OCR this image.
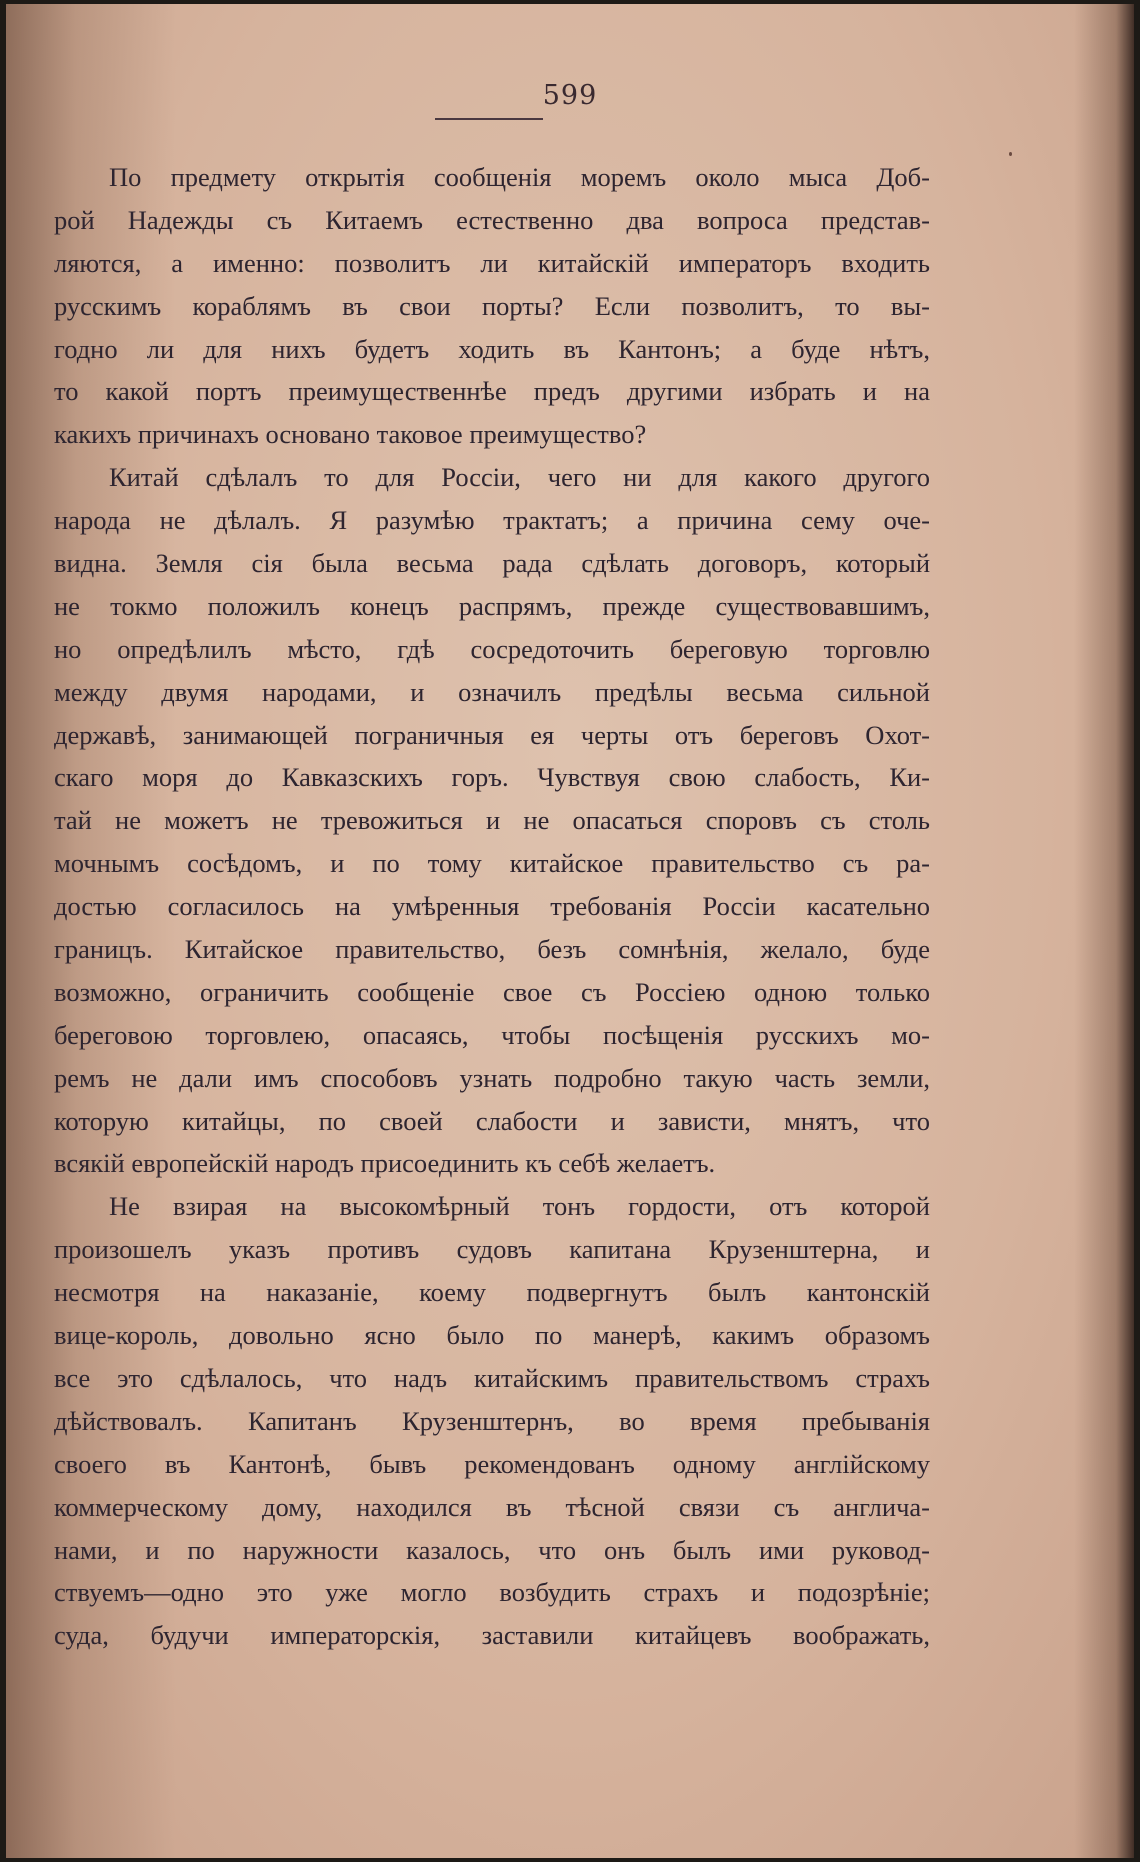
599
По предмету открытія сообщенія моремъ около мыса Доб-
рой Надежды съ Китаемъ естественно два вопроса представ-
ляются, а именно: позволитъ ли китайскій императоръ входить
русскимъ кораблямъ въ свои порты? Если позволитъ, то вы-
годно ли для нихъ будетъ ходить въ Кантонъ; а буде нѣтъ,
то какой портъ преимущественнѣе предъ другими избрать и на
какихъ причинахъ основано таковое преимущество?
Китай сдѣлалъ то для Россіи, чего ни для какого другого
народа не дѣлалъ. Я разумѣю трактатъ; а причина сему оче-
видна. Земля сія была весьма рада сдѣлать договоръ, который
не токмо положилъ конецъ распрямъ, прежде существовавшимъ,
но опредѣлилъ мѣсто, гдѣ сосредоточить береговую торговлю
между двумя народами, и означилъ предѣлы весьма сильной
державѣ, занимающей пограничныя ея черты отъ береговъ Охот-
скаго моря до Кавказскихъ горъ. Чувствуя свою слабость, Ки-
тай не можетъ не тревожиться и не опасаться споровъ съ столь
мочнымъ сосѣдомъ, и по тому китайское правительство съ ра-
достью согласилось на умѣренныя требованія Россіи касательно
границъ. Китайское правительство, безъ сомнѣнія, желало, буде
возможно, ограничить сообщеніе свое съ Россіею одною только
береговою торговлею, опасаясь, чтобы посѣщенія русскихъ мо-
ремъ не дали имъ способовъ узнать подробно такую часть земли,
которую китайцы, по своей слабости и зависти, мнятъ, что
всякій европейскій народъ присоединить къ себѣ желаетъ.
Не взирая на высокомѣрный тонъ гордости, отъ которой
произошелъ указъ противъ судовъ капитана Крузенштерна, и
несмотря на наказаніе, коему подвергнутъ былъ кантонскій
вице-король, довольно ясно было по манерѣ, какимъ образомъ
все это сдѣлалось, что надъ китайскимъ правительствомъ страхъ
дѣйствовалъ. Капитанъ Крузенштернъ, во время пребыванія
своего въ Кантонѣ, бывъ рекомендованъ одному англійскому
коммерческому дому, находился въ тѣсной связи съ англича-
нами, и по наружности казалось, что онъ былъ ими руковод-
ствуемъ—одно это уже могло возбудить страхъ и подозрѣніе;
суда, будучи императорскія, заставили китайцевъ воображать,
